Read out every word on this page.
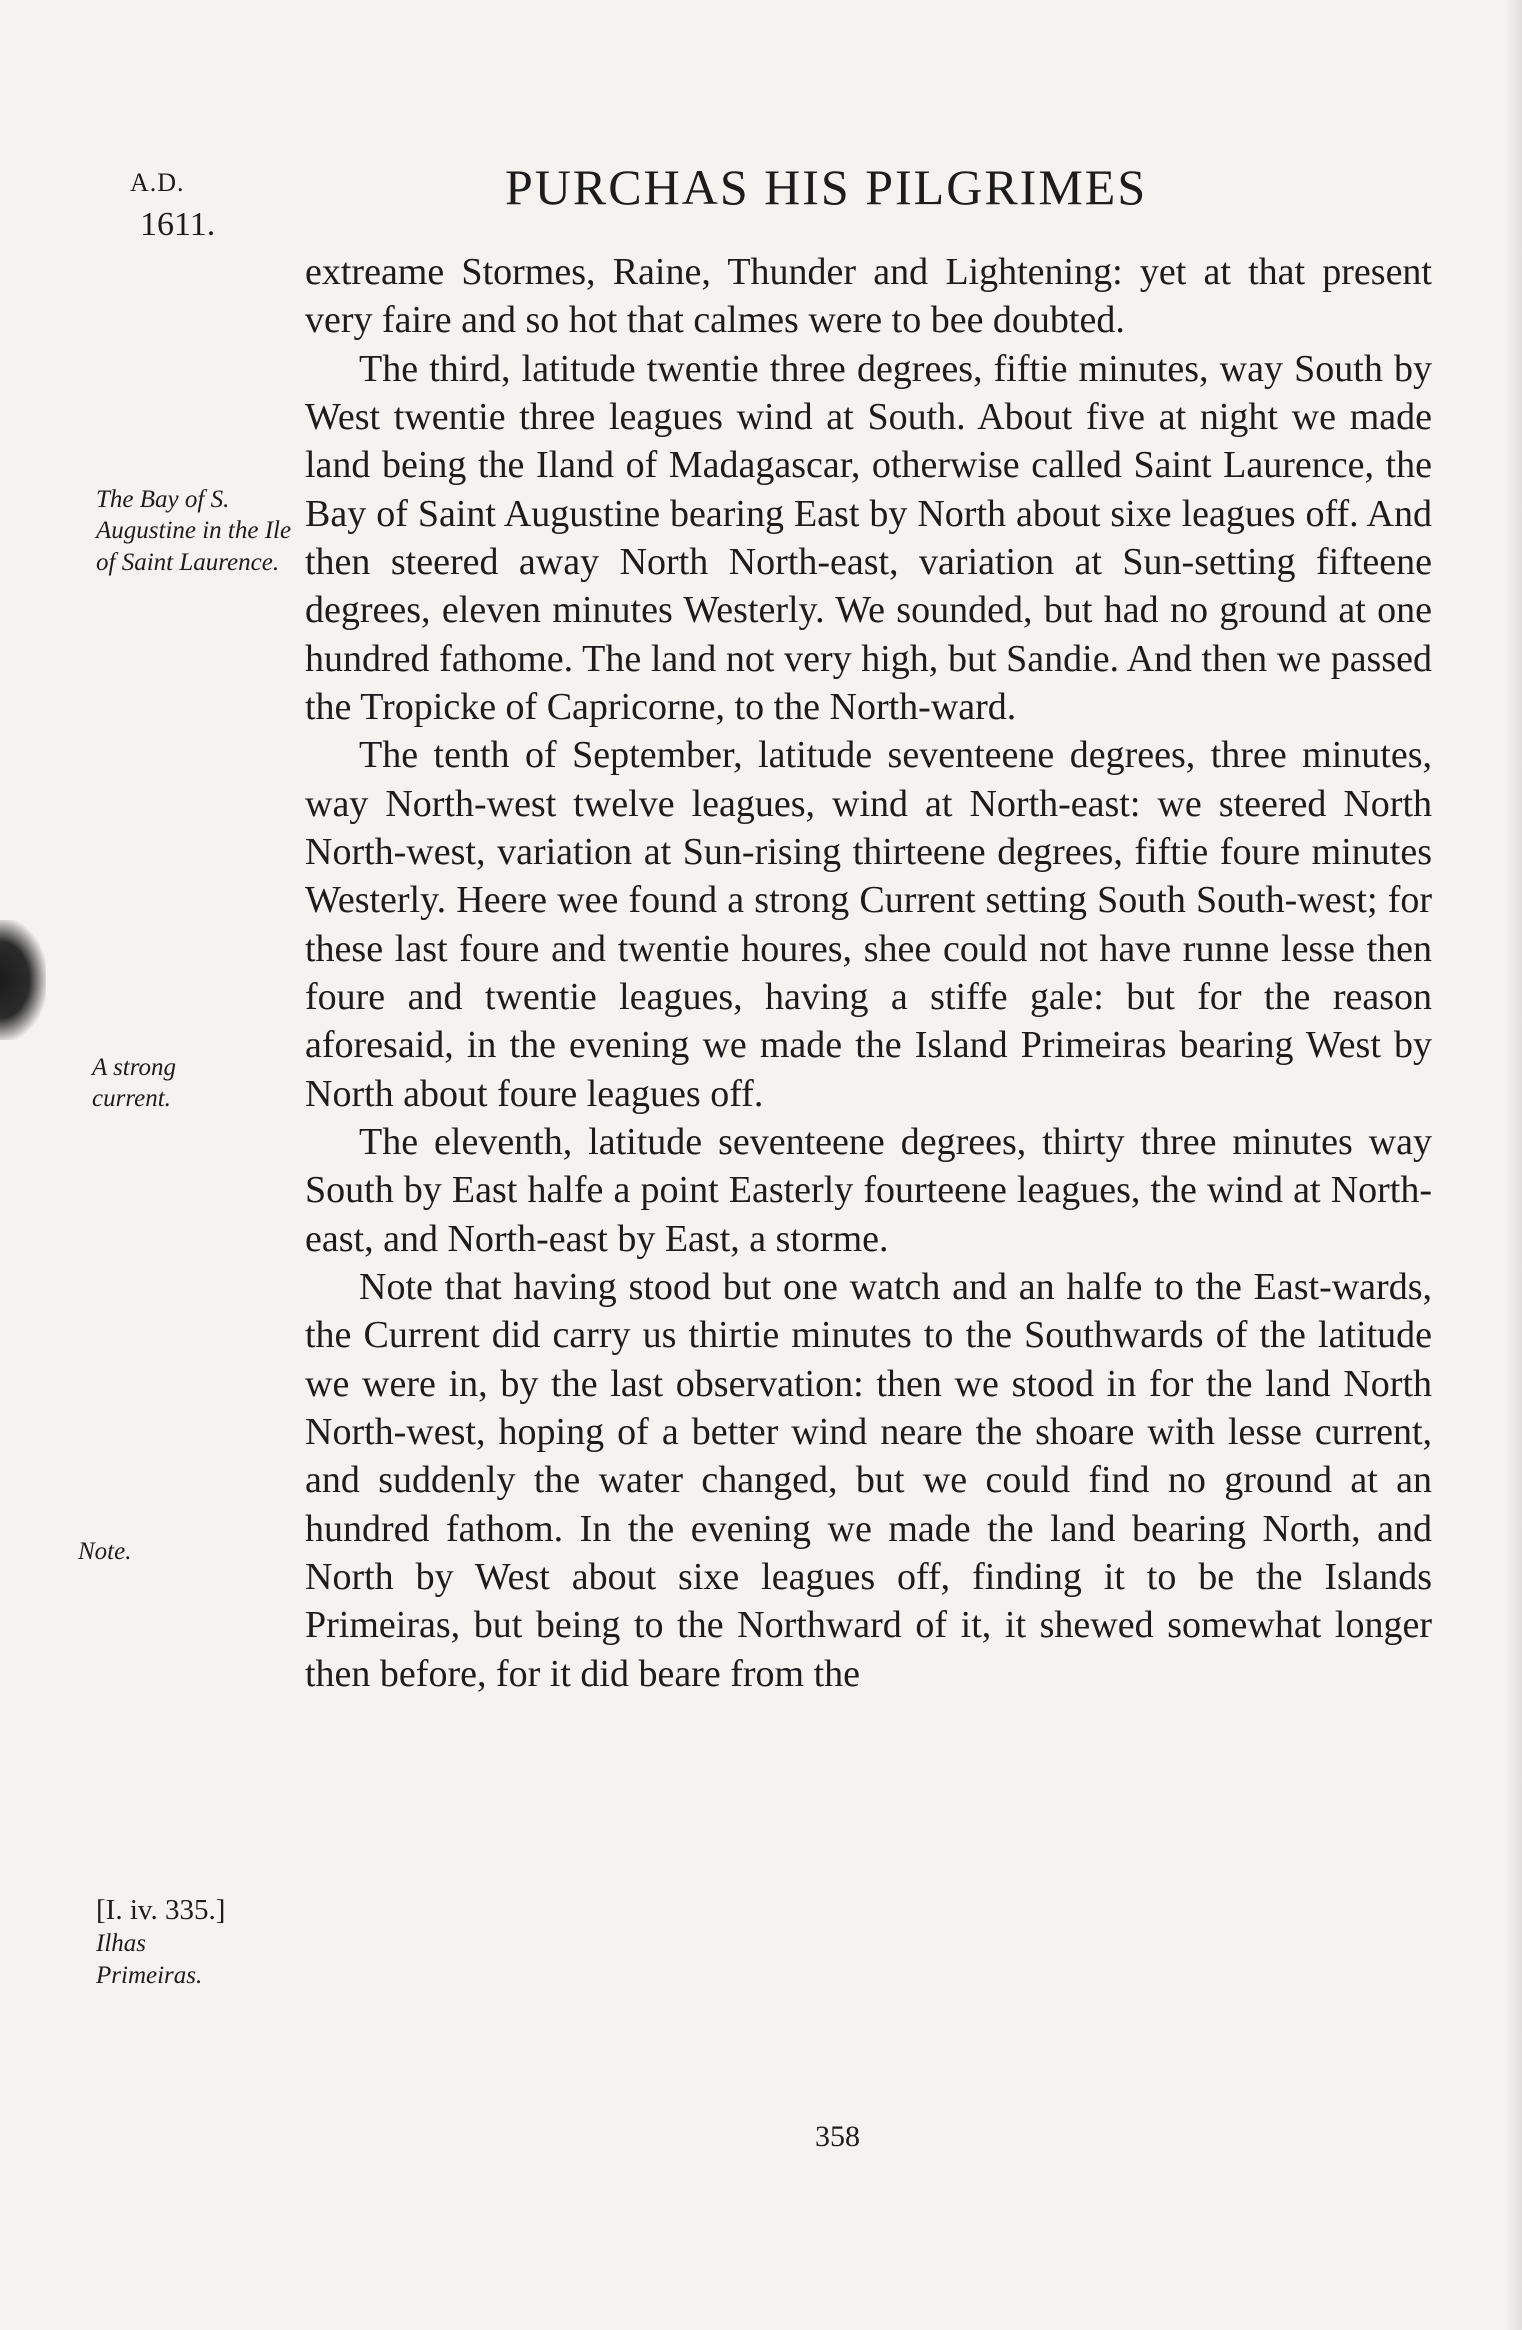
A.D.
1611.
PURCHAS HIS PILGRIMES
The Bay of S. Augustine in the Ile of Saint Laurence.
A strong current.
Note.
[I. iv. 335.]
Ilhas Primeiras.

extreame Stormes, Raine, Thunder and Lightening: yet at that present very faire and so hot that calmes were to bee doubted.

The third, latitude twentie three degrees, fiftie minutes, way South by West twentie three leagues wind at South. About five at night we made land being the Iland of Madagascar, otherwise called Saint Laurence, the Bay of Saint Augustine bearing East by North about sixe leagues off. And then steered away North North-east, variation at Sun-setting fifteene degrees, eleven minutes Westerly. We sounded, but had no ground at one hundred fathome. The land not very high, but Sandie. And then we passed the Tropicke of Capricorne, to the North-ward.

The tenth of September, latitude seventeene degrees, three minutes, way North-west twelve leagues, wind at North-east: we steered North North-west, variation at Sun-rising thirteene degrees, fiftie foure minutes Westerly. Heere wee found a strong Current setting South South-west; for these last foure and twentie houres, shee could not have runne lesse then foure and twentie leagues, having a stiffe gale: but for the reason aforesaid, in the evening we made the Island Primeiras bearing West by North about foure leagues off.

The eleventh, latitude seventeene degrees, thirty three minutes way South by East halfe a point Easterly fourteene leagues, the wind at North-east, and North-east by East, a storme.

Note that having stood but one watch and an halfe to the East-wards, the Current did carry us thirtie minutes to the Southwards of the latitude we were in, by the last observation: then we stood in for the land North North-west, hoping of a better wind neare the shoare with lesse current, and suddenly the water changed, but we could find no ground at an hundred fathom. In the evening we made the land bearing North, and North by West about sixe leagues off, finding it to be the Islands Primeiras, but being to the Northward of it, it shewed somewhat longer then before, for it did beare from the

358
